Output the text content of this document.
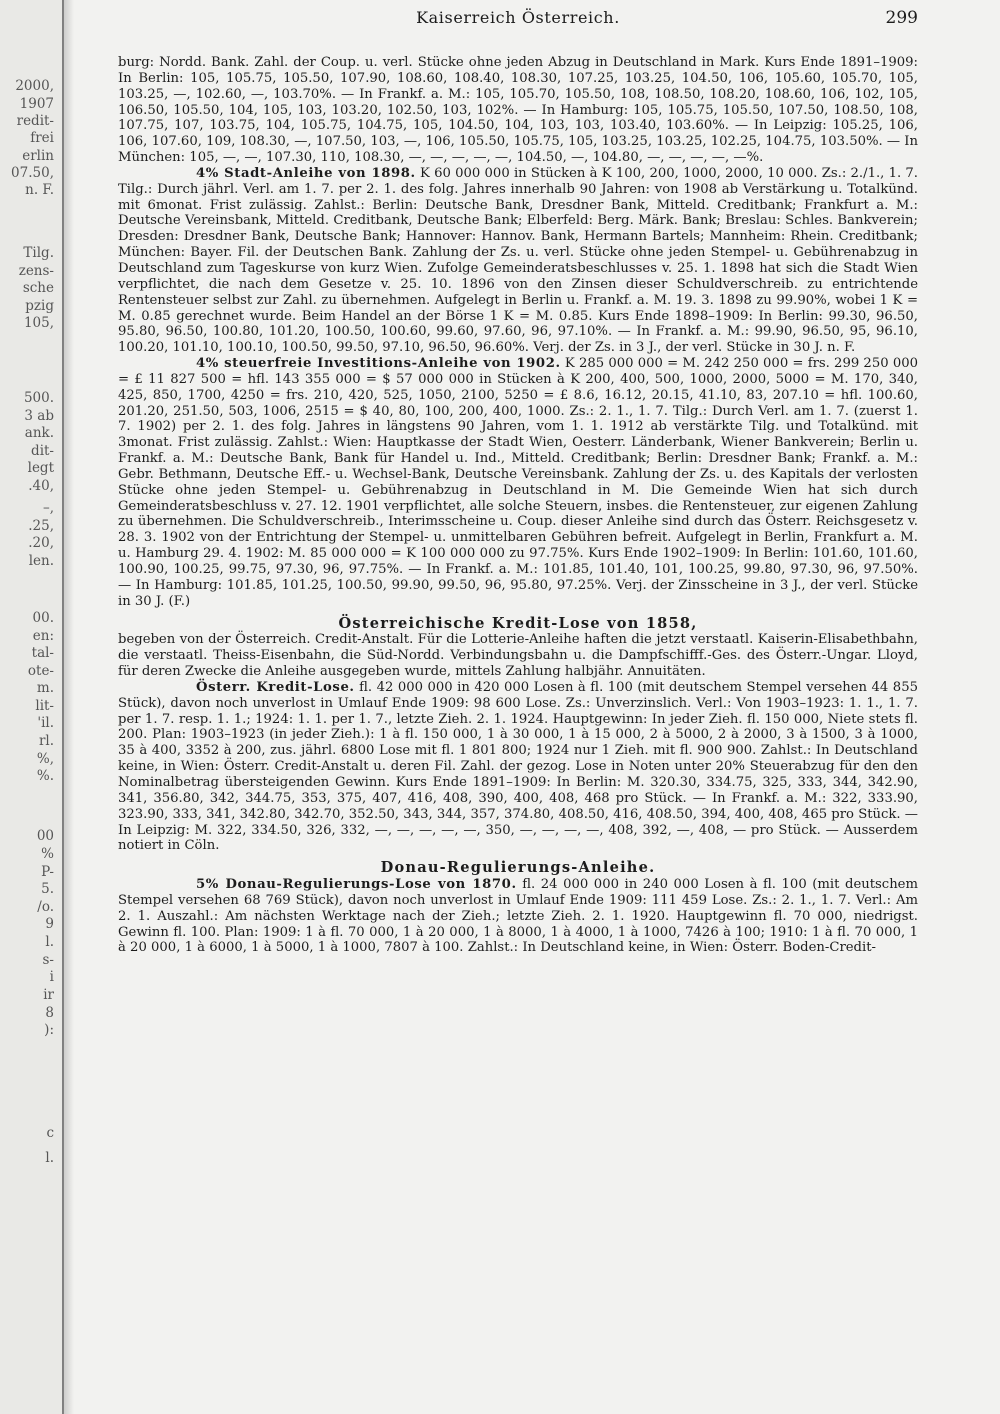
2000,
1907
redit-
frei
erlin
07.50,
n. F.
Tilg.
zens-
sche
pzig
105,
500.
3 ab
ank.
dit-
legt
.40,
–,
.25,
.20,
len.
00.
en:
tal-
ote-
m.
lit-
'il.
rl.
%,
%.
00
%
P-
5.
/o.
9
l.
s-
i
ir
8
):
c
l.
Kaiserreich Österreich.	299

burg: Nordd. Bank. Zahl. der Coup. u. verl. Stücke ohne jeden Abzug in Deutschland in Mark. Kurs Ende 1891–1909: In Berlin: 105, 105.75, 105.50, 107.90, 108.60, 108.40, 108.30, 107.25, 103.25, 104.50, 106, 105.60, 105.70, 105, 103.25, —, 102.60, —, 103.70%. — In Frankf. a. M.: 105, 105.70, 105.50, 108, 108.50, 108.20, 108.60, 106, 102, 105, 106.50, 105.50, 104, 105, 103, 103.20, 102.50, 103, 102%. — In Hamburg: 105, 105.75, 105.50, 107.50, 108.50, 108, 107.75, 107, 103.75, 104, 105.75, 104.75, 105, 104.50, 104, 103, 103, 103.40, 103.60%. — In Leipzig: 105.25, 106, 106, 107.60, 109, 108.30, —, 107.50, 103, —, 106, 105.50, 105.75, 105, 103.25, 103.25, 102.25, 104.75, 103.50%. — In München: 105, —, —, 107.30, 110, 108.30, —, —, —, —, —, 104.50, —, 104.80, —, —, —, —, —%.

4% Stadt-Anleihe von 1898. K 60 000 000 in Stücken à K 100, 200, 1000, 2000, 10 000. Zs.: 2./1., 1. 7. Tilg.: Durch jährl. Verl. am 1. 7. per 2. 1. des folg. Jahres innerhalb 90 Jahren: von 1908 ab Verstärkung u. Totalkünd. mit 6monat. Frist zulässig. Zahlst.: Berlin: Deutsche Bank, Dresdner Bank, Mitteld. Creditbank; Frankfurt a. M.: Deutsche Vereinsbank, Mitteld. Creditbank, Deutsche Bank; Elberfeld: Berg. Märk. Bank; Breslau: Schles. Bankverein; Dresden: Dresdner Bank, Deutsche Bank; Hannover: Hannov. Bank, Hermann Bartels; Mannheim: Rhein. Creditbank; München: Bayer. Fil. der Deutschen Bank. Zahlung der Zs. u. verl. Stücke ohne jeden Stempel- u. Gebührenabzug in Deutschland zum Tageskurse von kurz Wien. Zufolge Gemeinderatsbeschlusses v. 25. 1. 1898 hat sich die Stadt Wien verpflichtet, die nach dem Gesetze v. 25. 10. 1896 von den Zinsen dieser Schuldverschreib. zu entrichtende Rentensteuer selbst zur Zahl. zu übernehmen. Aufgelegt in Berlin u. Frankf. a. M. 19. 3. 1898 zu 99.90%, wobei 1 K = M. 0.85 gerechnet wurde. Beim Handel an der Börse 1 K = M. 0.85. Kurs Ende 1898–1909: In Berlin: 99.30, 96.50, 95.80, 96.50, 100.80, 101.20, 100.50, 100.60, 99.60, 97.60, 96, 97.10%. — In Frankf. a. M.: 99.90, 96.50, 95, 96.10, 100.20, 101.10, 100.10, 100.50, 99.50, 97.10, 96.50, 96.60%. Verj. der Zs. in 3 J., der verl. Stücke in 30 J. n. F.

4% steuerfreie Investitions-Anleihe von 1902. K 285 000 000 = M. 242 250 000 = frs. 299 250 000 = £ 11 827 500 = hfl. 143 355 000 = $ 57 000 000 in Stücken à K 200, 400, 500, 1000, 2000, 5000 = M. 170, 340, 425, 850, 1700, 4250 = frs. 210, 420, 525, 1050, 2100, 5250 = £ 8.6, 16.12, 20.15, 41.10, 83, 207.10 = hfl. 100.60, 201.20, 251.50, 503, 1006, 2515 = $ 40, 80, 100, 200, 400, 1000. Zs.: 2. 1., 1. 7. Tilg.: Durch Verl. am 1. 7. (zuerst 1. 7. 1902) per 2. 1. des folg. Jahres in längstens 90 Jahren, vom 1. 1. 1912 ab verstärkte Tilg. und Totalkünd. mit 3monat. Frist zulässig. Zahlst.: Wien: Hauptkasse der Stadt Wien, Oesterr. Länderbank, Wiener Bankverein; Berlin u. Frankf. a. M.: Deutsche Bank, Bank für Handel u. Ind., Mitteld. Creditbank; Berlin: Dresdner Bank; Frankf. a. M.: Gebr. Bethmann, Deutsche Eff.- u. Wechsel-Bank, Deutsche Vereinsbank. Zahlung der Zs. u. des Kapitals der verlosten Stücke ohne jeden Stempel- u. Gebührenabzug in Deutschland in M. Die Gemeinde Wien hat sich durch Gemeinderatsbeschluss v. 27. 12. 1901 verpflichtet, alle solche Steuern, insbes. die Rentensteuer, zur eigenen Zahlung zu übernehmen. Die Schuldverschreib., Interimsscheine u. Coup. dieser Anleihe sind durch das Österr. Reichsgesetz v. 28. 3. 1902 von der Entrichtung der Stempel- u. unmittelbaren Gebühren befreit. Aufgelegt in Berlin, Frankfurt a. M. u. Hamburg 29. 4. 1902: M. 85 000 000 = K 100 000 000 zu 97.75%. Kurs Ende 1902–1909: In Berlin: 101.60, 101.60, 100.90, 100.25, 99.75, 97.30, 96, 97.75%. — In Frankf. a. M.: 101.85, 101.40, 101, 100.25, 99.80, 97.30, 96, 97.50%. — In Hamburg: 101.85, 101.25, 100.50, 99.90, 99.50, 96, 95.80, 97.25%. Verj. der Zinsscheine in 3 J., der verl. Stücke in 30 J. (F.)

Österreichische Kredit-Lose von 1858,

begeben von der Österreich. Credit-Anstalt. Für die Lotterie-Anleihe haften die jetzt verstaatl. Kaiserin-Elisabethbahn, die verstaatl. Theiss-Eisenbahn, die Süd-Nordd. Verbindungsbahn u. die Dampfschifff.-Ges. des Österr.-Ungar. Lloyd, für deren Zwecke die Anleihe ausgegeben wurde, mittels Zahlung halbjähr. Annuitäten.

Österr. Kredit-Lose. fl. 42 000 000 in 420 000 Losen à fl. 100 (mit deutschem Stempel versehen 44 855 Stück), davon noch unverlost in Umlauf Ende 1909: 98 600 Lose. Zs.: Unverzinslich. Verl.: Von 1903–1923: 1. 1., 1. 7. per 1. 7. resp. 1. 1.; 1924: 1. 1. per 1. 7., letzte Zieh. 2. 1. 1924. Hauptgewinn: In jeder Zieh. fl. 150 000, Niete stets fl. 200. Plan: 1903–1923 (in jeder Zieh.): 1 à fl. 150 000, 1 à 30 000, 1 à 15 000, 2 à 5000, 2 à 2000, 3 à 1500, 3 à 1000, 35 à 400, 3352 à 200, zus. jährl. 6800 Lose mit fl. 1 801 800; 1924 nur 1 Zieh. mit fl. 900 900. Zahlst.: In Deutschland keine, in Wien: Österr. Credit-Anstalt u. deren Fil. Zahl. der gezog. Lose in Noten unter 20% Steuerabzug für den den Nominalbetrag übersteigenden Gewinn. Kurs Ende 1891–1909: In Berlin: M. 320.30, 334.75, 325, 333, 344, 342.90, 341, 356.80, 342, 344.75, 353, 375, 407, 416, 408, 390, 400, 408, 468 pro Stück. — In Frankf. a. M.: 322, 333.90, 323.90, 333, 341, 342.80, 342.70, 352.50, 343, 344, 357, 374.80, 408.50, 416, 408.50, 394, 400, 408, 465 pro Stück. — In Leipzig: M. 322, 334.50, 326, 332, —, —, —, —, —, 350, —, —, —, —, 408, 392, —, 408, — pro Stück. — Ausserdem notiert in Cöln.

Donau-Regulierungs-Anleihe.

5% Donau-Regulierungs-Lose von 1870. fl. 24 000 000 in 240 000 Losen à fl. 100 (mit deutschem Stempel versehen 68 769 Stück), davon noch unverlost in Umlauf Ende 1909: 111 459 Lose. Zs.: 2. 1., 1. 7. Verl.: Am 2. 1. Auszahl.: Am nächsten Werktage nach der Zieh.; letzte Zieh. 2. 1. 1920. Hauptgewinn fl. 70 000, niedrigst. Gewinn fl. 100. Plan: 1909: 1 à fl. 70 000, 1 à 20 000, 1 à 8000, 1 à 4000, 1 à 1000, 7426 à 100; 1910: 1 à fl. 70 000, 1 à 20 000, 1 à 6000, 1 à 5000, 1 à 1000, 7807 à 100. Zahlst.: In Deutschland keine, in Wien: Österr. Boden-Credit-
